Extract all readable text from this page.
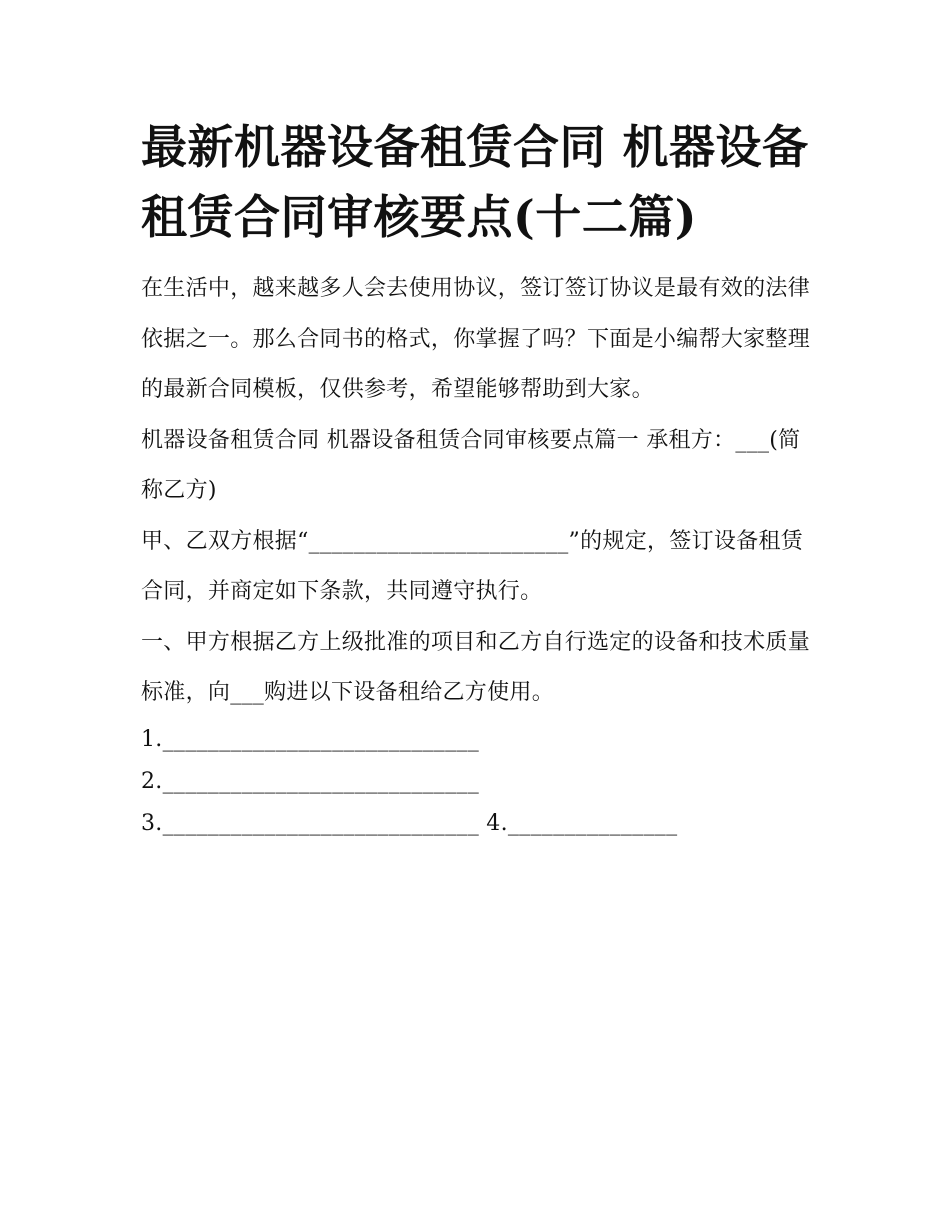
最新机器设备租赁合同 机器设备租赁合同审核要点(十二篇)

在生活中，越来越多人会去使用协议，签订签订协议是最有效的法律依据之一。那么合同书的格式，你掌握了吗？下面是小编帮大家整理的最新合同模板，仅供参考，希望能够帮助到大家。

机器设备租赁合同 机器设备租赁合同审核要点篇一 承租方：___(简称乙方)

甲、乙双方根据“_______________________”的规定，签订设备租赁合同，并商定如下条款，共同遵守执行。

一、甲方根据乙方上级批准的项目和乙方自行选定的设备和技术质量标准，向___购进以下设备租给乙方使用。

1.____________________________ 2.____________________________

3.____________________________ 4._______________
